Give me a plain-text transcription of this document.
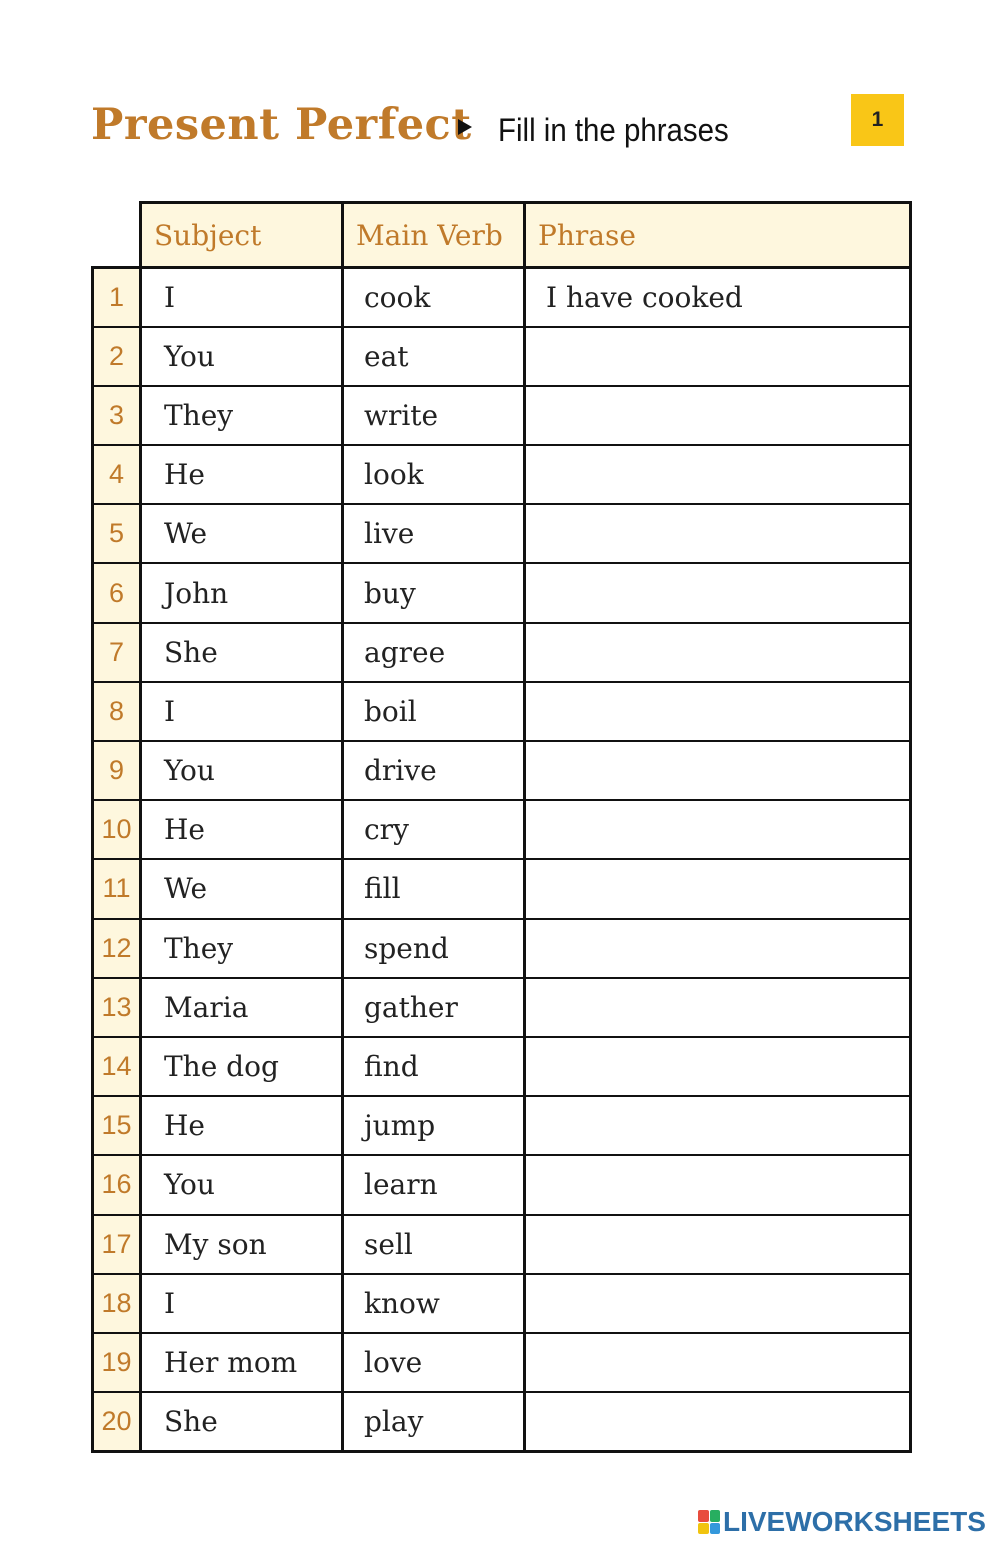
Present Perfect Fill in the phrases	1
	Subject	Main Verb	Phrase
1	I	cook	I have cooked
2	You	eat	
3	They	write	
4	He	look	
5	We	live	
6	John	buy	
7	She	agree	
8	I	boil	
9	You	drive	
10	He	cry	
11	We	fill	
12	They	spend	
13	Maria	gather	
14	The dog	find	
15	He	jump	
16	You	learn	
17	My son	sell	
18	I	know	
19	Her mom	love	
20	She	play	
LIVEWORKSHEETS
